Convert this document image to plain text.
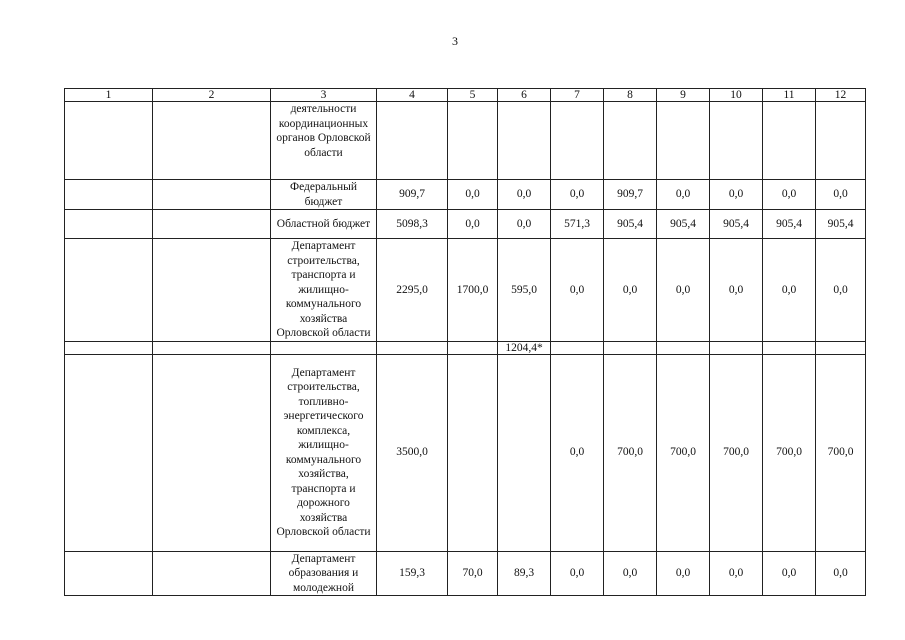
3
1	2	3	4	5	6	7	8	9	10	11	12
		деятельности координационных органов Орловской области									
		Федеральный бюджет	909,7	0,0	0,0	0,0	909,7	0,0	0,0	0,0	0,0
		Областной бюджет	5098,3	0,0	0,0	571,3	905,4	905,4	905,4	905,4	905,4
		Департамент строительства, транспорта и жилищно-коммунального хозяйства Орловской области	2295,0	1700,0	595,0	0,0	0,0	0,0	0,0	0,0	0,0
					1204,4*						
		Департамент строительства, топливно-энергетического комплекса, жилищно-коммунального хозяйства, транспорта и дорожного хозяйства Орловской области	3500,0			0,0	700,0	700,0	700,0	700,0	700,0
		Департамент образования и молодежной	159,3	70,0	89,3	0,0	0,0	0,0	0,0	0,0	0,0
